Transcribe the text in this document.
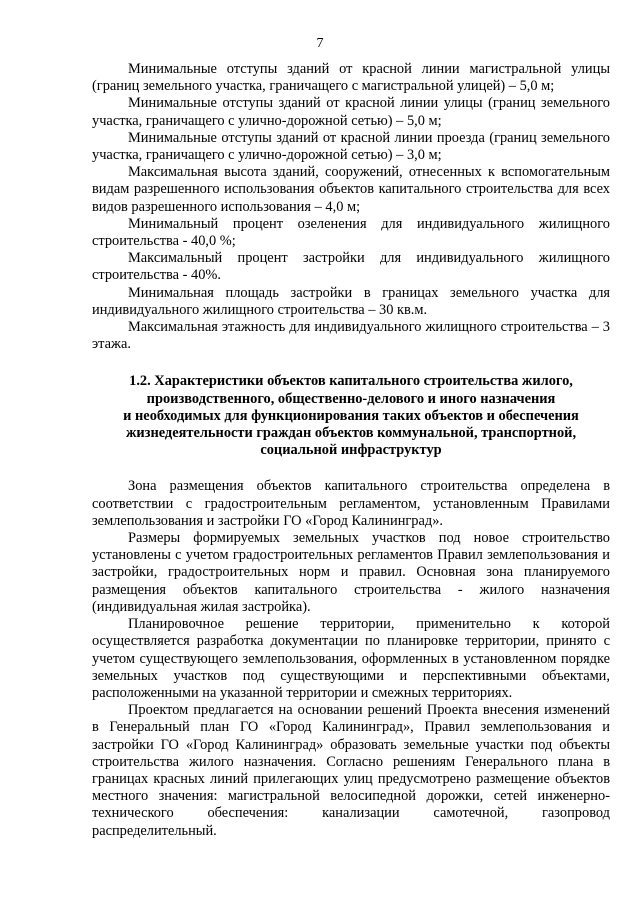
7

Минимальные отступы зданий от красной линии магистральной улицы (границ земельного участка, граничащего с магистральной улицей) – 5,0 м;

Минимальные отступы зданий от красной линии улицы (границ земельного участка, граничащего с улично-дорожной сетью) – 5,0 м;

Минимальные отступы зданий от красной линии проезда (границ земельного участка, граничащего с улично-дорожной сетью) – 3,0 м;

Максимальная высота зданий, сооружений, отнесенных к вспомогательным видам разрешенного использования объектов капитального строительства для всех видов разрешенного использования – 4,0 м;

Минимальный процент озеленения для индивидуального жилищного строительства - 40,0 %;

Максимальный процент застройки для индивидуального жилищного строительства - 40%.

Минимальная площадь застройки в границах земельного участка для индивидуального жилищного строительства – 30 кв.м.

Максимальная этажность для индивидуального жилищного строительства – 3 этажа.

1.2. Характеристики объектов капитального строительства жилого,
производственного, общественно-делового и иного назначения
и необходимых для функционирования таких объектов и обеспечения
жизнедеятельности граждан объектов коммунальной, транспортной,
социальной инфраструктур

Зона размещения объектов капитального строительства определена в соответствии с градостроительным регламентом, установленным Правилами землепользования и застройки ГО «Город Калининград».

Размеры формируемых земельных участков под новое строительство установлены с учетом градостроительных регламентов Правил землепользования и застройки, градостроительных норм и правил. Основная зона планируемого размещения объектов капитального строительства - жилого назначения (индивидуальная жилая застройка).

Планировочное решение территории, применительно к которой осуществляется разработка документации по планировке территории, принято с учетом существующего землепользования, оформленных в установленном порядке земельных участков под существующими и перспективными объектами, расположенными на указанной территории и смежных территориях.

Проектом предлагается на основании решений Проекта внесения изменений в Генеральный план ГО «Город Калининград», Правил землепользования и застройки ГО «Город Калининград» образовать земельные участки под объекты строительства жилого назначения. Согласно решениям Генерального плана в границах красных линий прилегающих улиц предусмотрено размещение объектов местного значения: магистральной велосипедной дорожки, сетей инженерно-технического обеспечения: канализации самотечной, газопровод распределительный.
